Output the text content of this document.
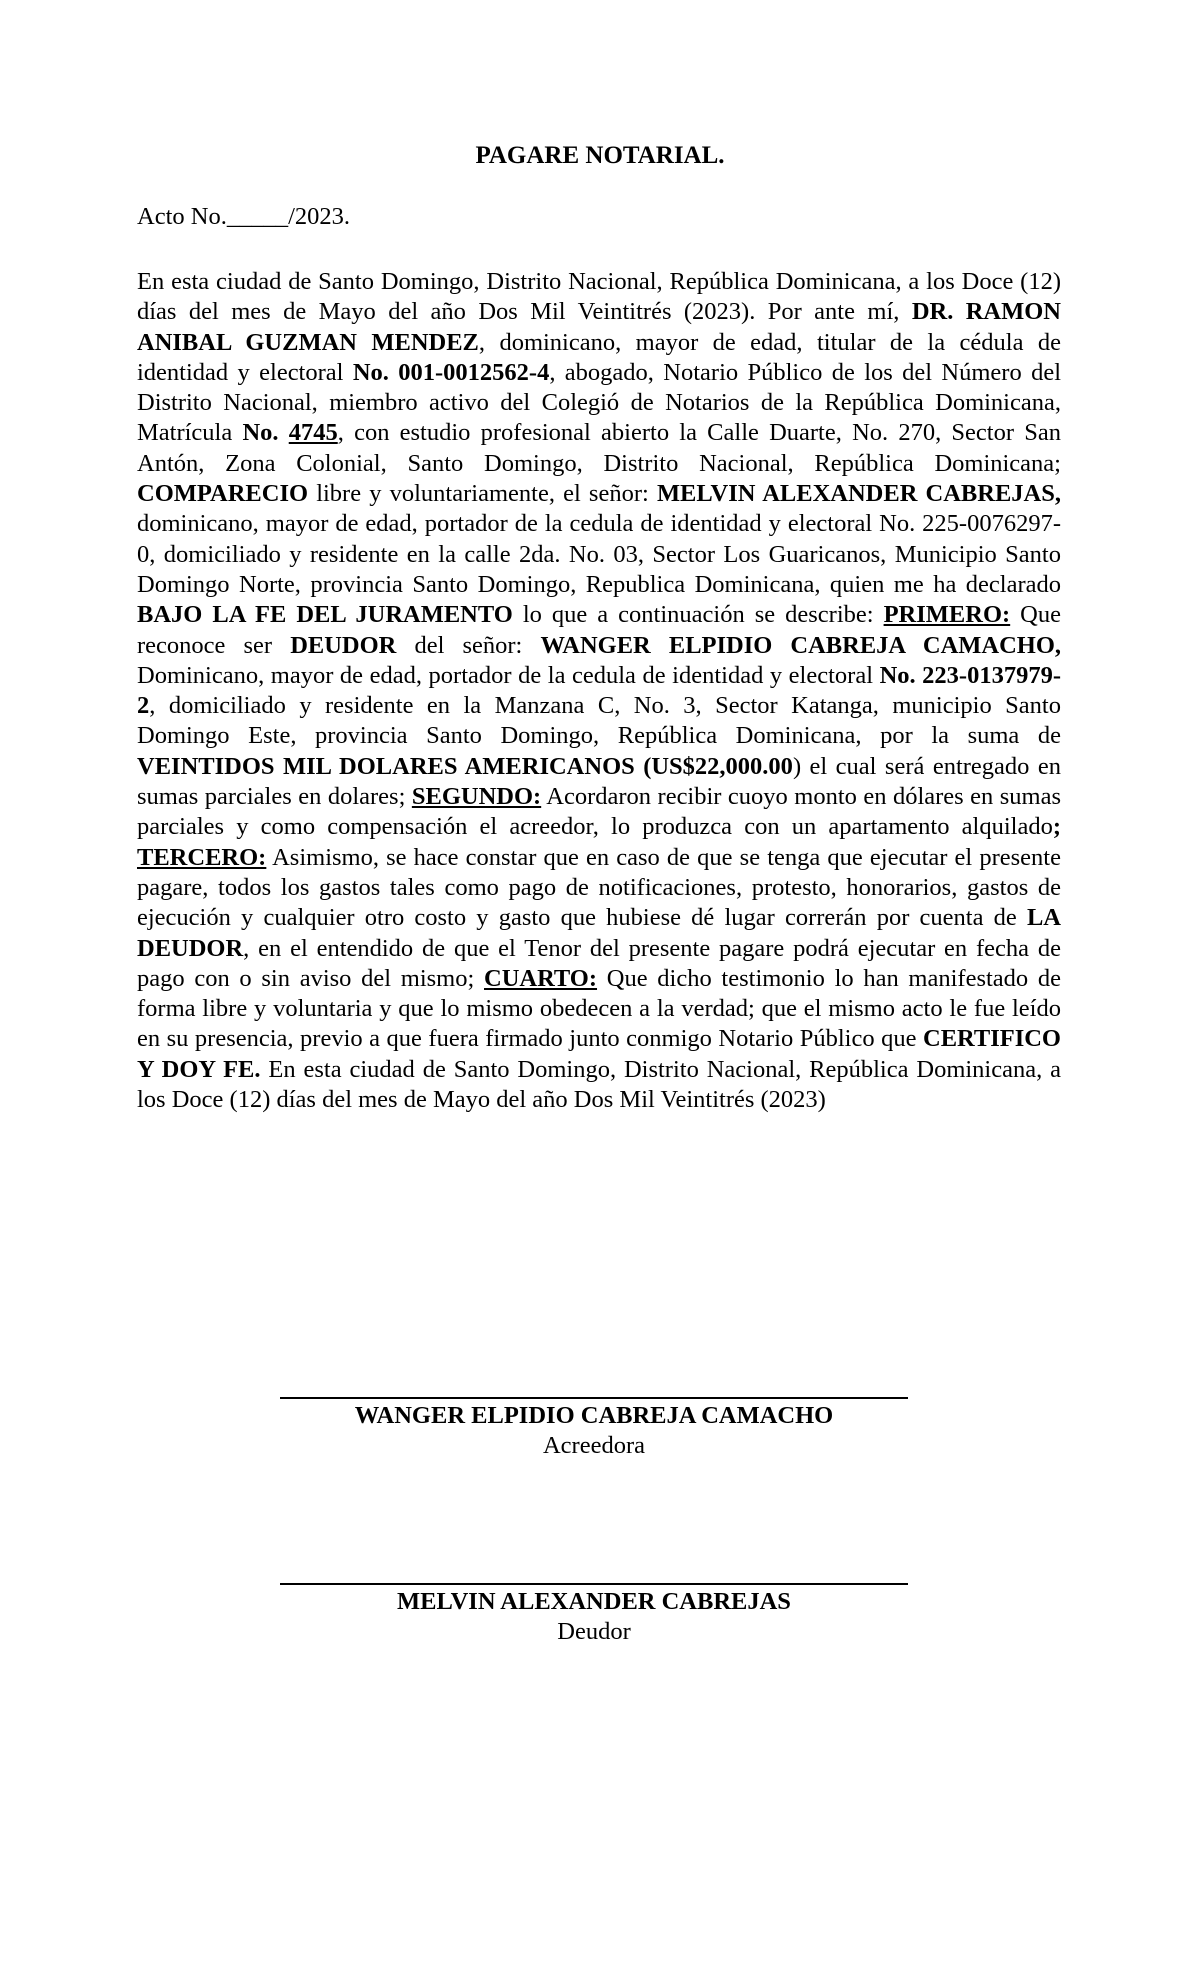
PAGARE NOTARIAL.
Acto No._____/2023.
En esta ciudad de Santo Domingo, Distrito Nacional, República Dominicana, a los Doce (12) días del mes de Mayo del año Dos Mil Veintitrés (2023). Por ante mí, DR. RAMON ANIBAL GUZMAN MENDEZ, dominicano, mayor de edad, titular de la cédula de identidad y electoral No. 001-0012562-4, abogado, Notario Público de los del Número del Distrito Nacional, miembro activo del Colegió de Notarios de la República Dominicana, Matrícula No. 4745, con estudio profesional abierto la Calle Duarte, No. 270, Sector San Antón, Zona Colonial, Santo Domingo, Distrito Nacional, República Dominicana; COMPARECIO libre y voluntariamente, el señor: MELVIN ALEXANDER CABREJAS, dominicano, mayor de edad, portador de la cedula de identidad y electoral No. 225-0076297-0, domiciliado y residente en la calle 2da. No. 03, Sector Los Guaricanos, Municipio Santo Domingo Norte, provincia Santo Domingo, Republica Dominicana, quien me ha declarado BAJO LA FE DEL JURAMENTO lo que a continuación se describe: PRIMERO: Que reconoce ser DEUDOR del señor: WANGER ELPIDIO CABREJA CAMACHO, Dominicano, mayor de edad, portador de la cedula de identidad y electoral No. 223-0137979-2, domiciliado y residente en la Manzana C, No. 3, Sector Katanga, municipio Santo Domingo Este, provincia Santo Domingo, República Dominicana, por la suma de VEINTIDOS MIL DOLARES AMERICANOS (US$22,000.00) el cual será entregado en sumas parciales en dolares; SEGUNDO: Acordaron recibir cuoyo monto en dólares en sumas parciales y como compensación el acreedor, lo produzca con un apartamento alquilado; TERCERO: Asimismo, se hace constar que en caso de que se tenga que ejecutar el presente pagare, todos los gastos tales como pago de notificaciones, protesto, honorarios, gastos de ejecución y cualquier otro costo y gasto que hubiese dé lugar correrán por cuenta de LA DEUDOR, en el entendido de que el Tenor del presente pagare podrá ejecutar en fecha de pago con o sin aviso del mismo; CUARTO: Que dicho testimonio lo han manifestado de forma libre y voluntaria y que lo mismo obedecen a la verdad; que el mismo acto le fue leído en su presencia, previo a que fuera firmado junto conmigo Notario Público que CERTIFICO Y DOY FE. En esta ciudad de Santo Domingo, Distrito Nacional, República Dominicana, a los Doce (12) días del mes de Mayo del año Dos Mil Veintitrés (2023)
WANGER ELPIDIO CABREJA CAMACHO
Acreedora
MELVIN ALEXANDER CABREJAS
Deudor
